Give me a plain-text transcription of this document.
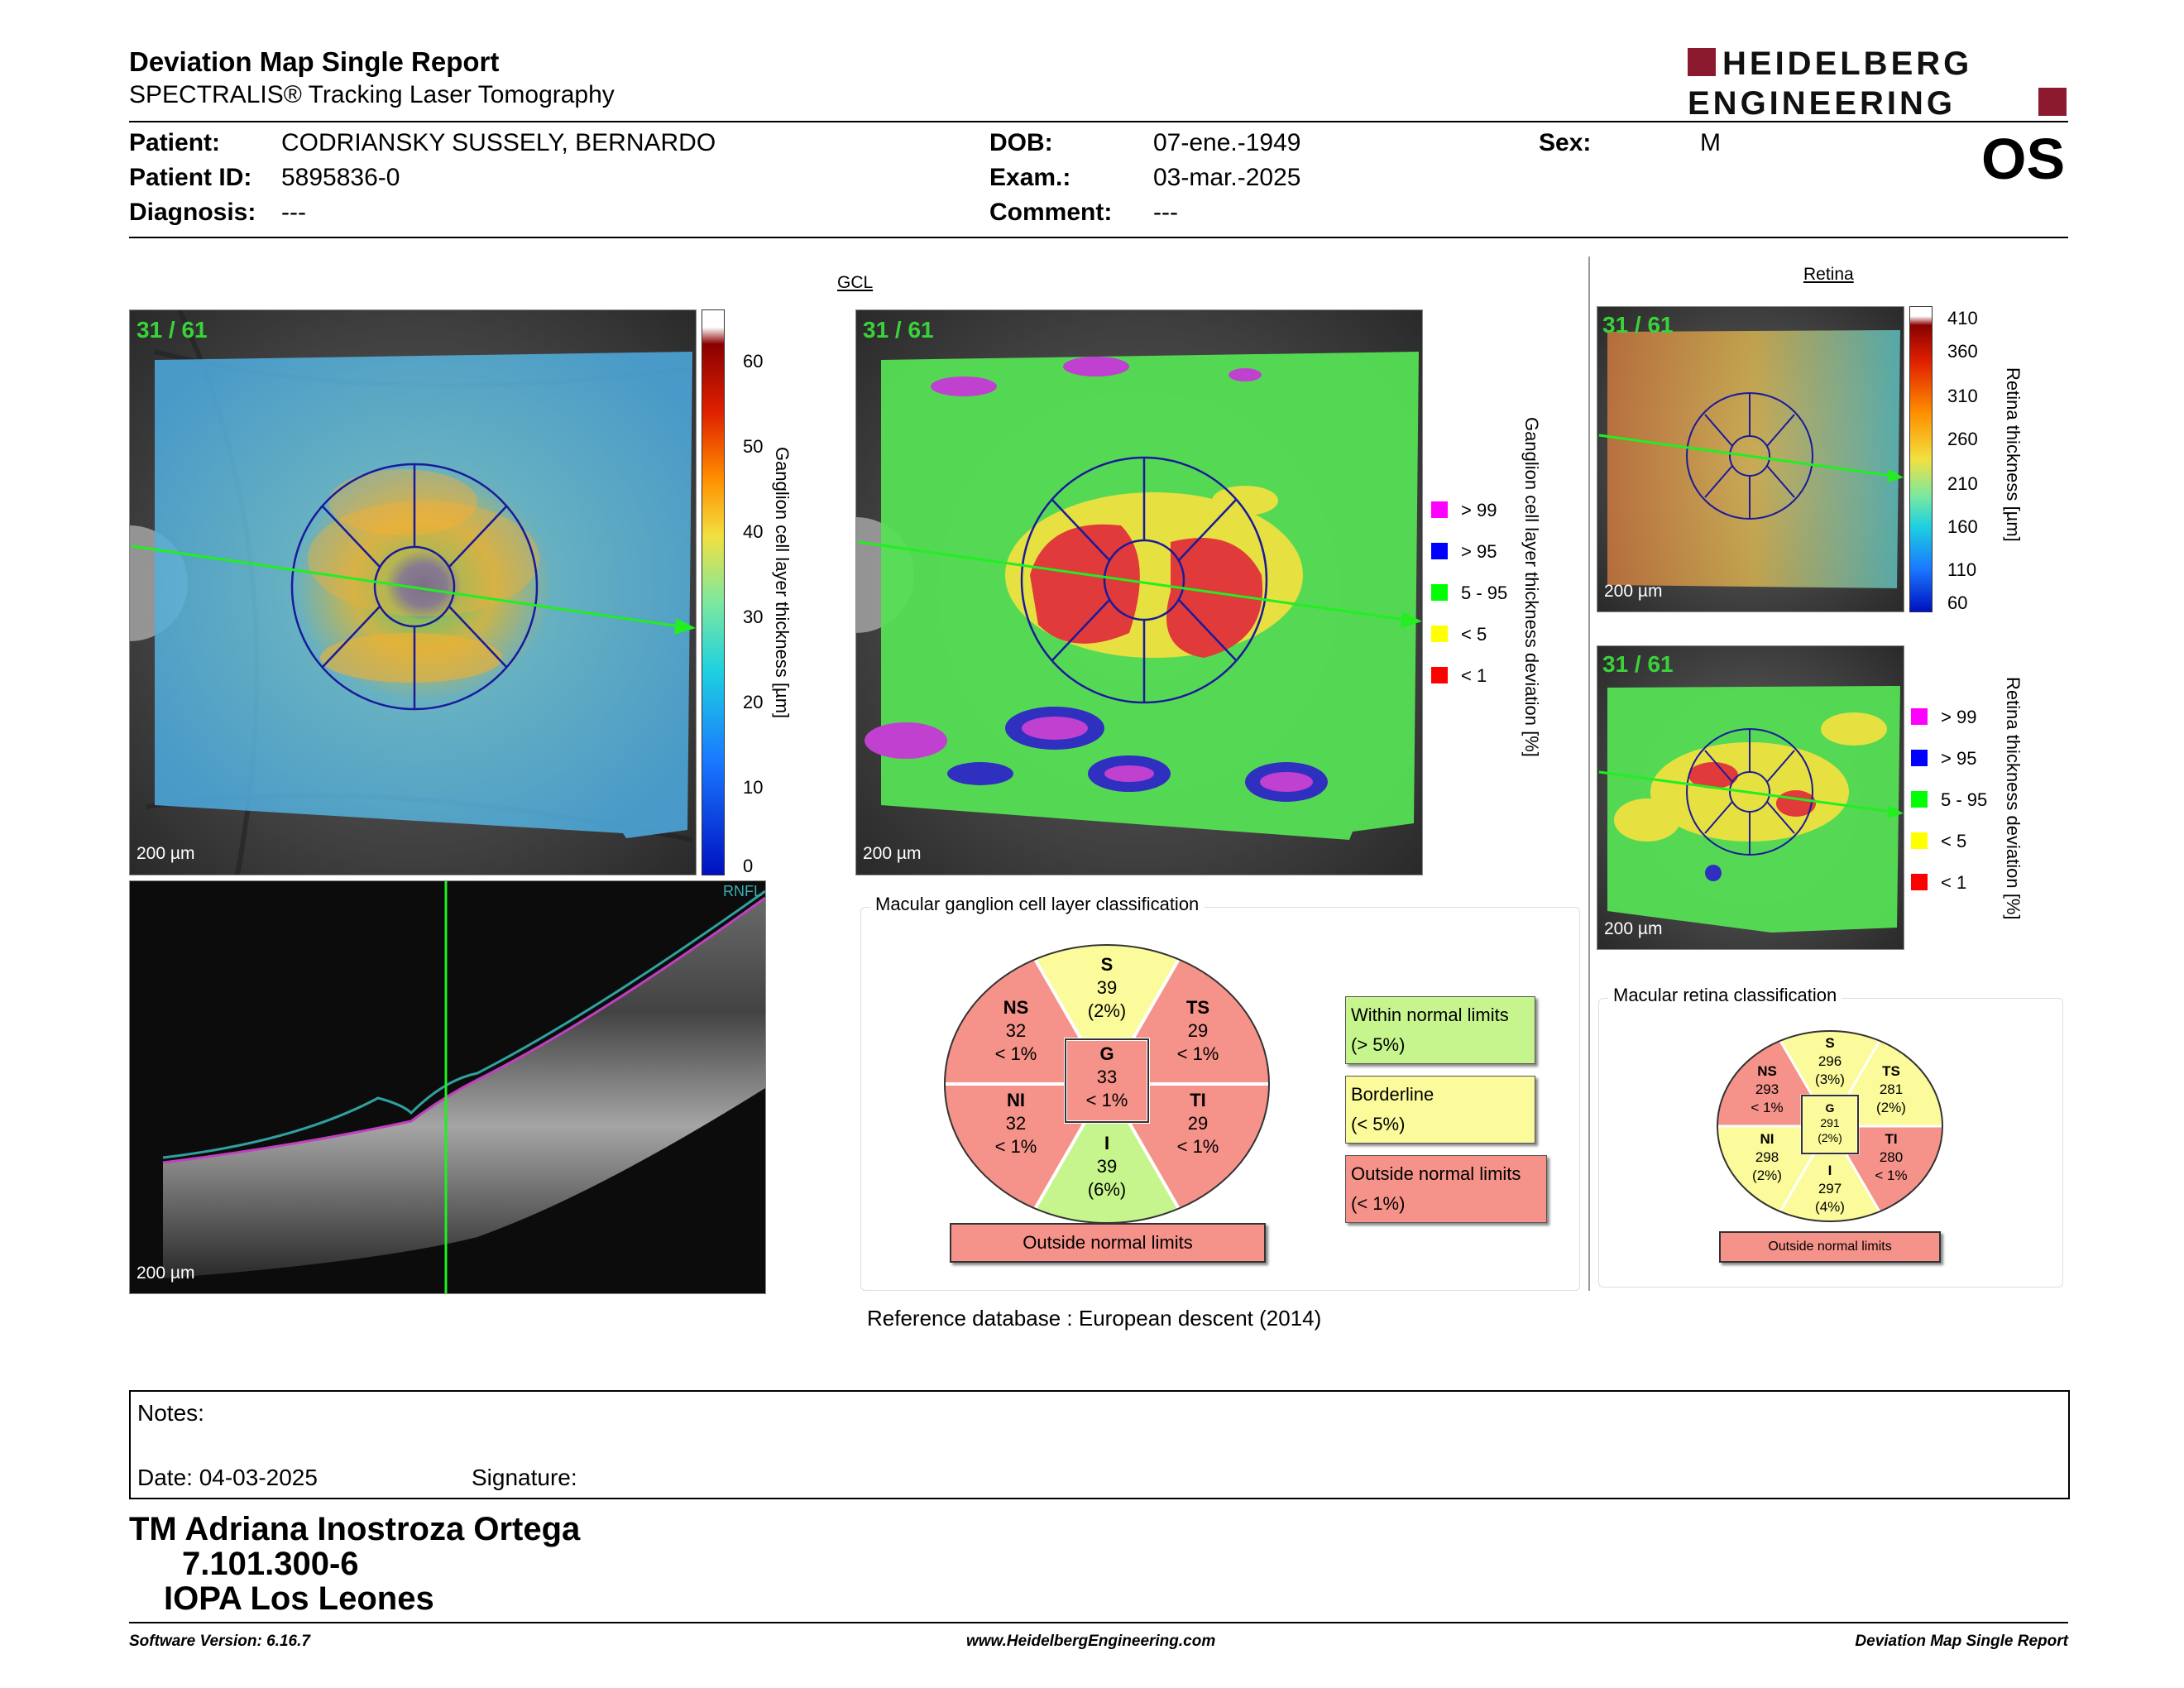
Deviation Map Single Report
SPECTRALIS® Tracking Laser Tomography
HEIDELBERG
ENGINEERING
Patient: CODRIANSKY SUSSELY, BERNARDO
Patient ID: 5895836-0
Diagnosis: ---
DOB:	07-ene.-1949
Exam.:	03-mar.-2025
Comment: ---
Sex:	M	OS
31 / 61
200 µm
60
50
40
30
20
10
0
Ganglion cell layer thickness [µm]
RNFL
200 µm
GCL
31 / 61
200 µm
> 99
> 95
5 - 95
< 5
< 1 Ganglion cell layer thickness deviation [%]
Macular ganglion cell layer classification
S
39
(2%)
NS
32
< 1%
TS
29
< 1%
G
33
< 1%
NI
32
< 1%
TI
29
< 1%
I
39
(6%)
Outside normal limits
Within normal limits
(> 5%)
Borderline
(< 5%)
Outside normal limits
(< 1%)
Reference database : European descent (2014)
Retina
31 / 61
200 µm
410
360
310
260
210
160
110
60
Retina thickness [µm]
31 / 61
200 µm
> 99
> 95
5 - 95
< 5
< 1 Retina thickness deviation [%]
Macular retina classification
S
296
(3%)
NS
293
< 1%
TS
281
(2%)
G
291
(2%)
NI
298
(2%)
TI
280
< 1%
I
297
(4%)
Outside normal limits
Notes:
Date: 04-03-2025	Signature:
TM Adriana Inostroza Ortega
7.101.300-6
IOPA Los Leones
Software Version: 6.16.7	www.HeidelbergEngineering.com	Deviation Map Single Report
